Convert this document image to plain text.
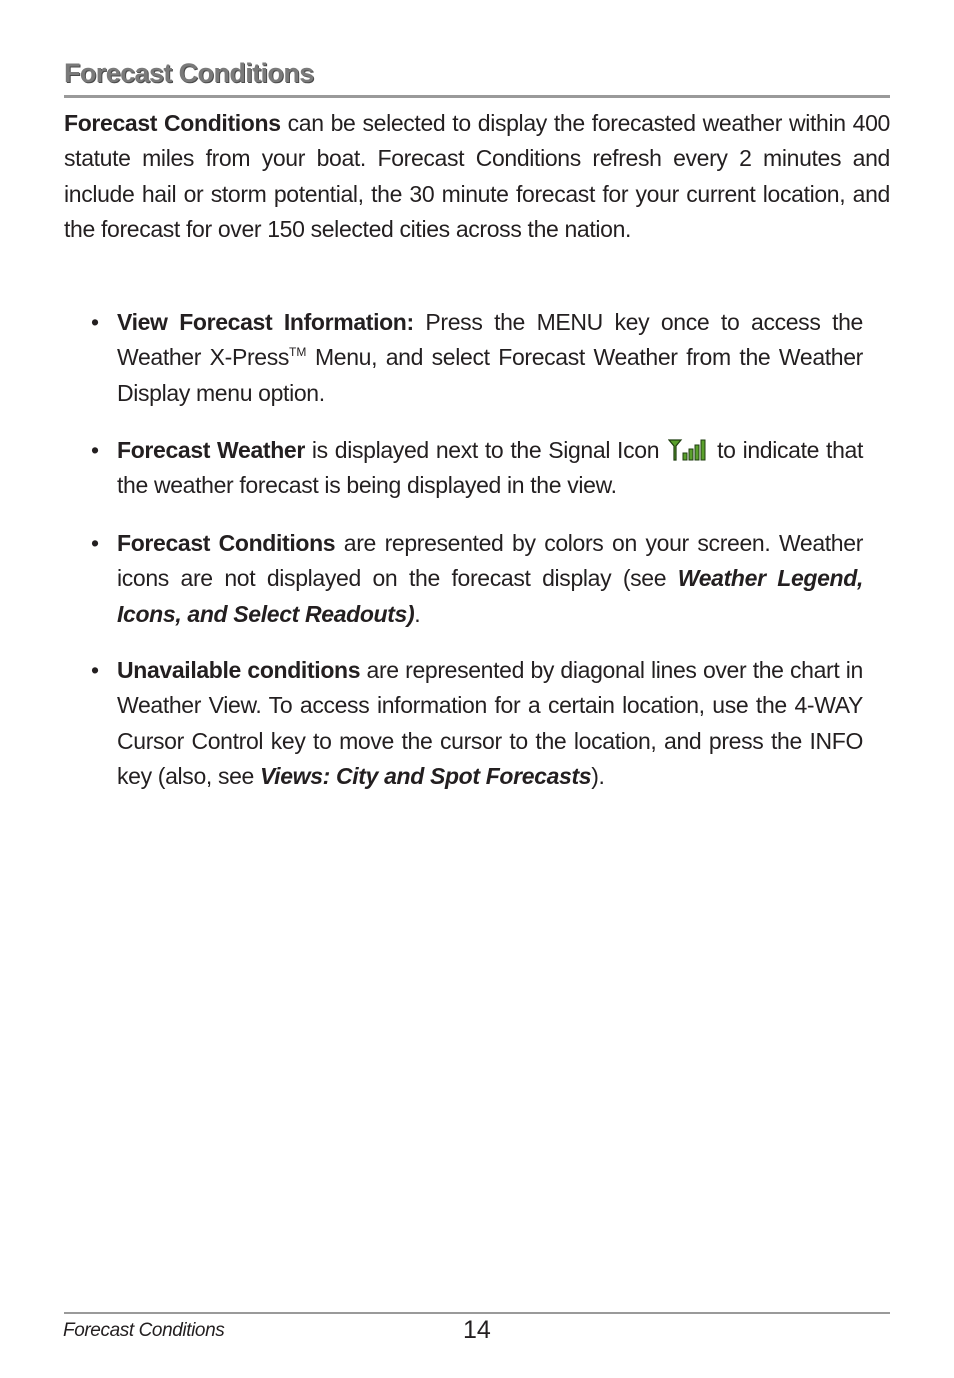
Forecast Conditions

Forecast Conditions can be selected to display the forecasted weather within 400 statute miles from your boat. Forecast Conditions refresh every 2 minutes and include hail or storm potential, the 30 minute forecast for your current location, and the forecast for over 150 selected cities across the nation.

• View Forecast Information: Press the MENU key once to access the Weather X-Press™ Menu, and select Forecast Weather from the Weather Display menu option.

• Forecast Weather is displayed next to the Signal Icon  to indicate that the weather forecast is being displayed in the view.

• Forecast Conditions are represented by colors on your screen. Weather icons are not displayed on the forecast display (see Weather Legend, Icons, and Select Readouts).

• Unavailable conditions are represented by diagonal lines over the chart in Weather View. To access information for a certain location, use the 4-WAY Cursor Control key to move the cursor to the location, and press the INFO key (also, see Views: City and Spot Forecasts).

Forecast Conditions	14
